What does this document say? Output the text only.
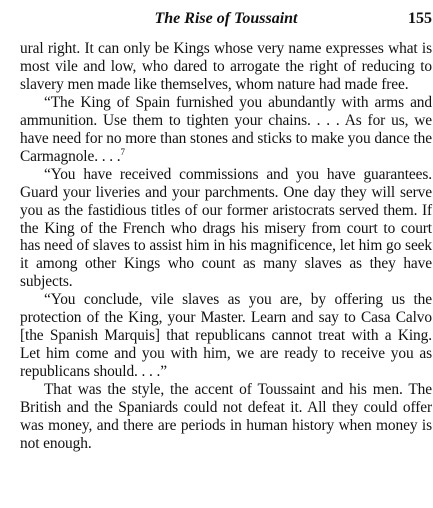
The Rise of Toussaint	155

ural right. It can only be Kings whose very name expresses what is most vile and low, who dared to arrogate the right of reducing to slavery men made like themselves, whom nature had made free.

“The King of Spain furnished you abundantly with arms and ammunition. Use them to tighten your chains. . . . As for us, we have need for no more than stones and sticks to make you dance the Carmagnole. . . .$^7$

“You have received commissions and you have guarantees. Guard your liveries and your parchments. One day they will serve you as the fastidious titles of our former aristocrats served them. If the King of the French who drags his misery from court to court has need of slaves to assist him in his magnificence, let him go seek it among other Kings who count as many slaves as they have subjects.

“You conclude, vile slaves as you are, by offering us the protection of the King, your Master. Learn and say to Casa Calvo [the Spanish Marquis] that republicans cannot treat with a King. Let him come and you with him, we are ready to receive you as republicans should. . . .”

That was the style, the accent of Toussaint and his men. The British and the Spaniards could not defeat it. All they could offer was money, and there are periods in human history when money is not enough.
